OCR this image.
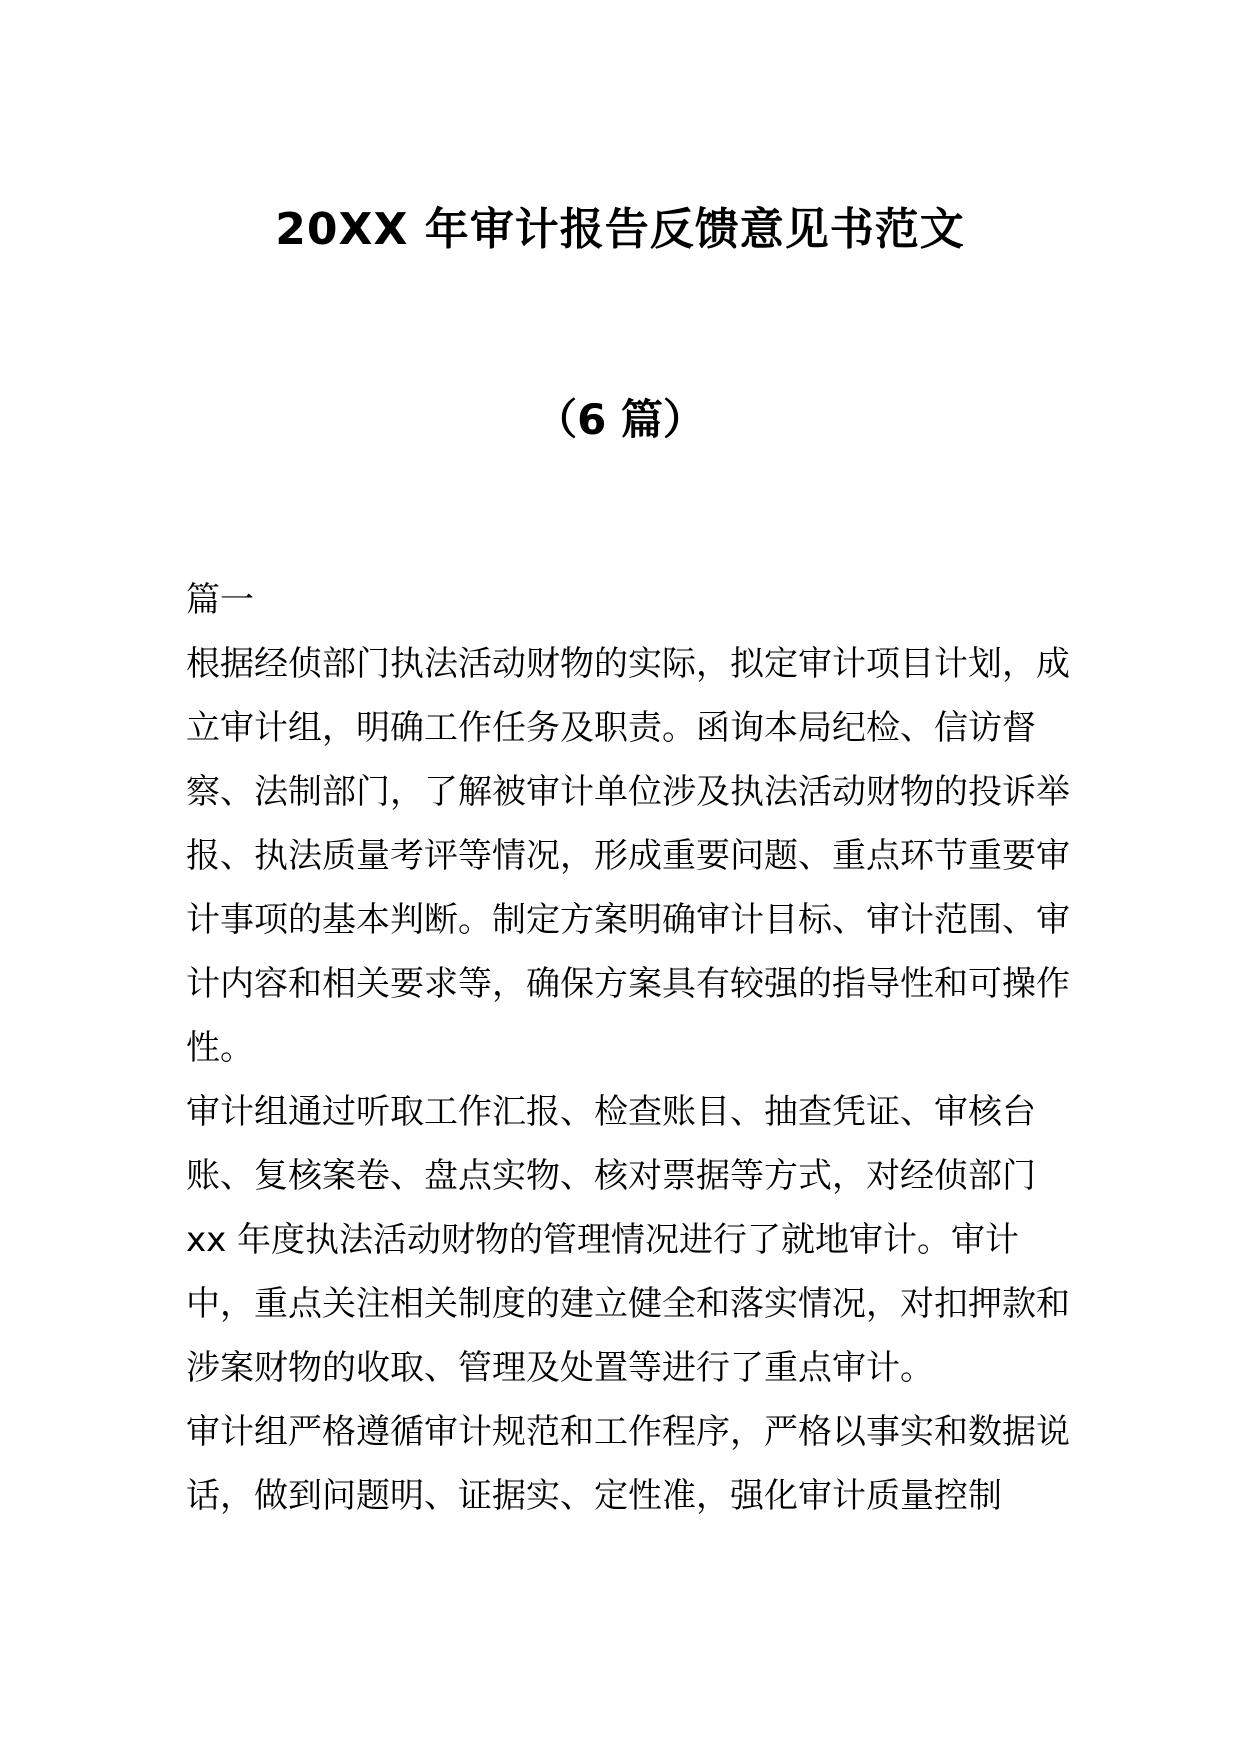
20XX 年审计报告反馈意见书范文
（6 篇）

篇一

根据经侦部门执法活动财物的实际，拟定审计项目计划，成立审计组，明确工作任务及职责。函询本局纪检、信访督察、法制部门，了解被审计单位涉及执法活动财物的投诉举报、执法质量考评等情况，形成重要问题、重点环节重要审计事项的基本判断。制定方案明确审计目标、审计范围、审计内容和相关要求等，确保方案具有较强的指导性和可操作性。

审计组通过听取工作汇报、检查账目、抽查凭证、审核台账、复核案卷、盘点实物、核对票据等方式，对经侦部门 xx 年度执法活动财物的管理情况进行了就地审计。审计中，重点关注相关制度的建立健全和落实情况，对扣押款和涉案财物的收取、管理及处置等进行了重点审计。

审计组严格遵循审计规范和工作程序，严格以事实和数据说话，做到问题明、证据实、定性准，强化审计质量控制
